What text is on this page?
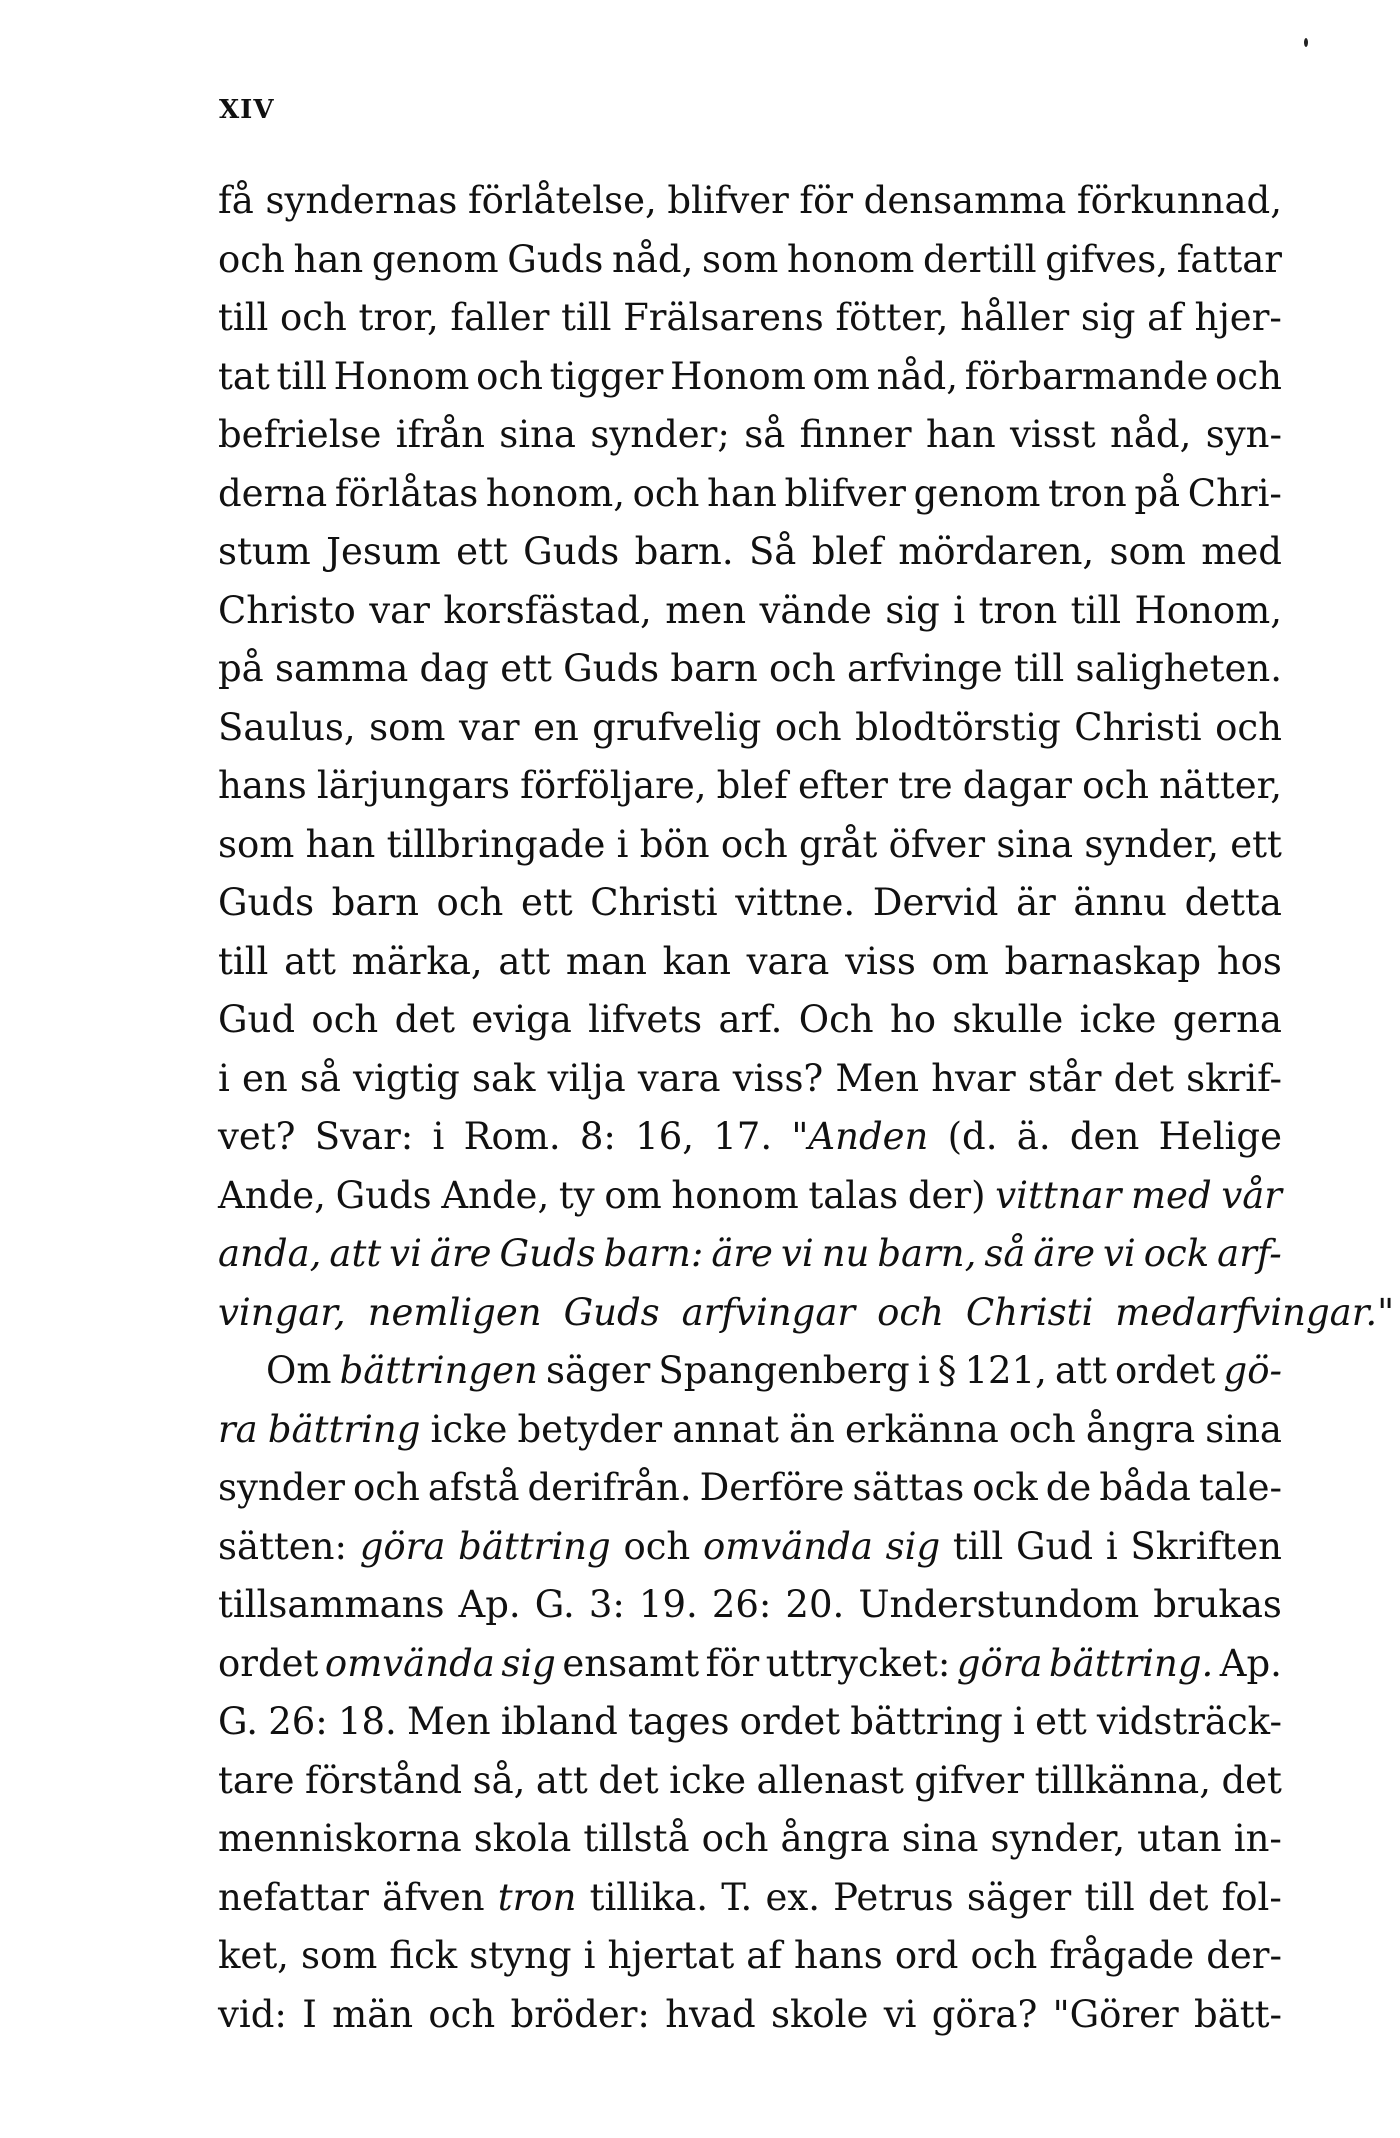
XIV
få syndernas förlåtelse, blifver för densamma förkunnad,
och han genom Guds nåd, som honom dertill gifves, fattar
till och tror, faller till Frälsarens fötter, håller sig af hjer-
tat till Honom och tigger Honom om nåd, förbarmande och
befrielse ifrån sina synder; så finner han visst nåd, syn-
derna förlåtas honom, och han blifver genom tron på Chri-
stum Jesum ett Guds barn. Så blef mördaren, som med
Christo var korsfästad, men vände sig i tron till Honom,
på samma dag ett Guds barn och arfvinge till saligheten.
Saulus, som var en grufvelig och blodtörstig Christi och
hans lärjungars förföljare, blef efter tre dagar och nätter,
som han tillbringade i bön och gråt öfver sina synder, ett
Guds barn och ett Christi vittne. Dervid är ännu detta
till att märka, att man kan vara viss om barnaskap hos
Gud och det eviga lifvets arf. Och ho skulle icke gerna
i en så vigtig sak vilja vara viss? Men hvar står det skrif-
vet? Svar: i Rom. 8: 16, 17. "Anden (d. ä. den Helige
Ande, Guds Ande, ty om honom talas der) vittnar med vår
anda, att vi äre Guds barn: äre vi nu barn, så äre vi ock arf-
vingar, nemligen Guds arfvingar och Christi medarfvingar."
Om bättringen säger Spangenberg i § 121, att ordet gö-
ra bättring icke betyder annat än erkänna och ångra sina
synder och afstå derifrån. Derföre sättas ock de båda tale-
sätten: göra bättring och omvända sig till Gud i Skriften
tillsammans Ap. G. 3: 19. 26: 20. Understundom brukas
ordet omvända sig ensamt för uttrycket: göra bättring. Ap.
G. 26: 18. Men ibland tages ordet bättring i ett vidsträck-
tare förstånd så, att det icke allenast gifver tillkänna, det
menniskorna skola tillstå och ångra sina synder, utan in-
nefattar äfven tron tillika. T. ex. Petrus säger till det fol-
ket, som fick styng i hjertat af hans ord och frågade der-
vid: I män och bröder: hvad skole vi göra? "Görer bätt-
